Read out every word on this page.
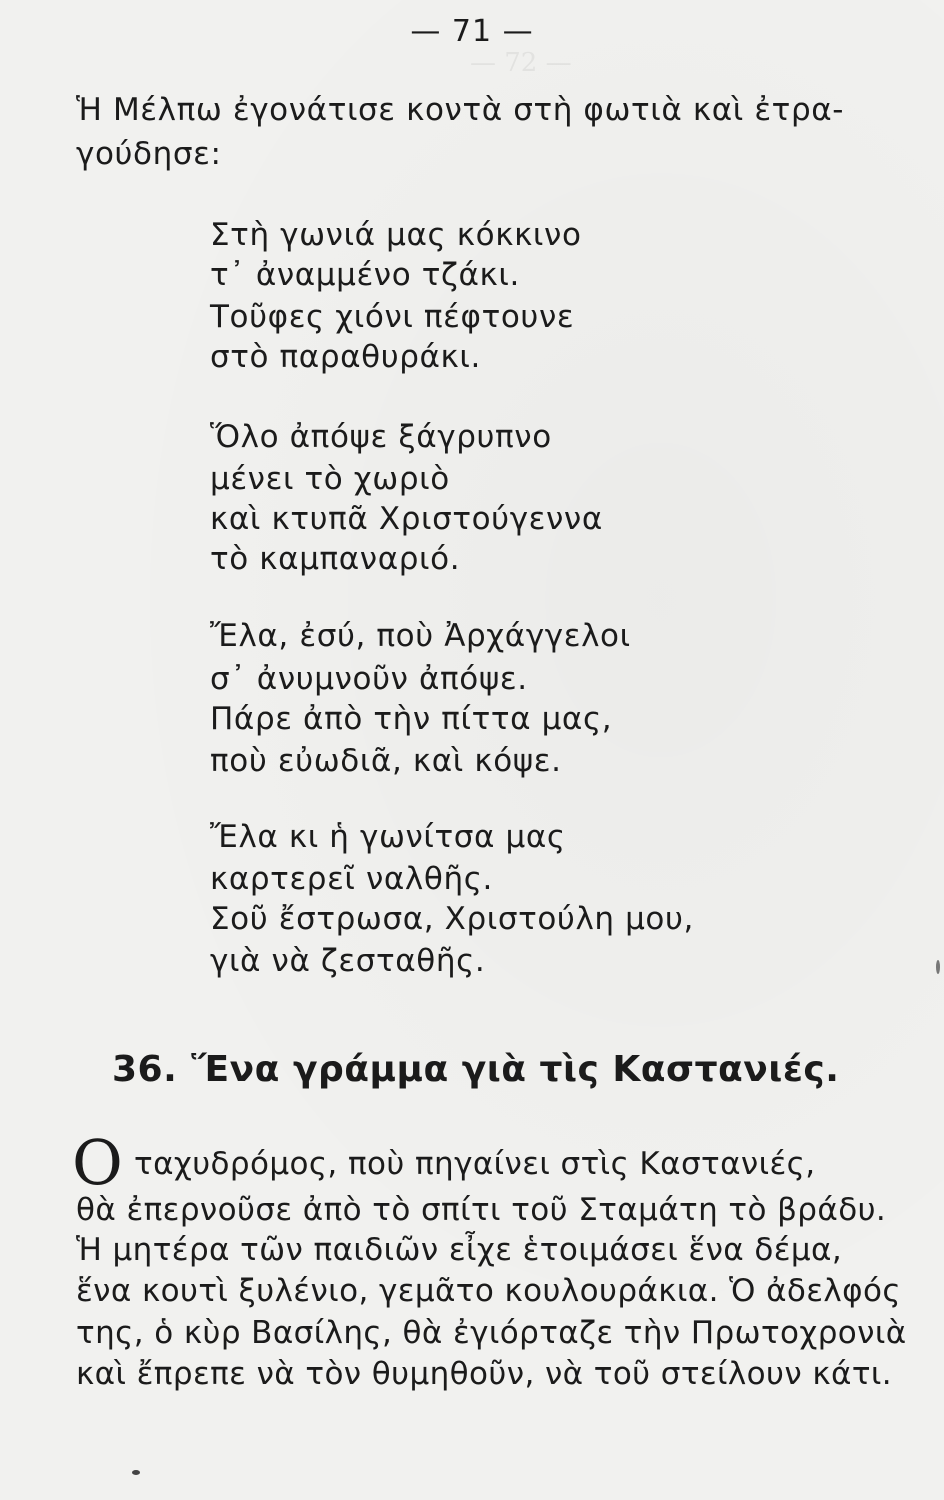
— 72 —
— 71 —
Ἡ Μέλπω ἐγονάτισε κοντὰ στὴ φωτιὰ καὶ ἐτρα-
γούδησε:
Στὴ γωνιά μας κόκκινο
τ᾽ ἀναμμένο τζάκι.
Τοῦφες χιόνι πέφτουνε
στὸ παραθυράκι.
Ὅλο ἀπόψε ξάγρυπνο
μένει τὸ χωριὸ
καὶ κτυπᾶ Χριστούγεννα
τὸ καμπαναριό.
Ἔλα, ἐσύ, ποὺ Ἀρχάγγελοι
σ᾽ ἀνυμνοῦν ἀπόψε.
Πάρε ἀπὸ τὴν πίττα μας,
ποὺ εὐωδιᾶ, καὶ κόψε.
Ἔλα κι ἡ γωνίτσα μας
καρτερεῖ ναλθῆς.
Σοῦ ἔστρωσα, Χριστούλη μου,
γιὰ νὰ ζεσταθῆς.
36. Ἕνα γράμμα γιὰ τὶς Καστανιές.
Ο ταχυδρόμος, ποὺ πηγαίνει στὶς Καστανιές,
θὰ ἐπερνοῦσε ἀπὸ τὸ σπίτι τοῦ Σταμάτη τὸ βράδυ.
Ἡ μητέρα τῶν παιδιῶν εἶχε ἑτοιμάσει ἕνα δέμα,
ἕνα κουτὶ ξυλένιο, γεμᾶτο κουλουράκια. Ὁ ἀδελφός
της, ὁ κὺρ Βασίλης, θὰ ἐγιόρταζε τὴν Πρωτοχρονιὰ
καὶ ἔπρεπε νὰ τὸν θυμηθοῦν, νὰ τοῦ στείλουν κάτι.
